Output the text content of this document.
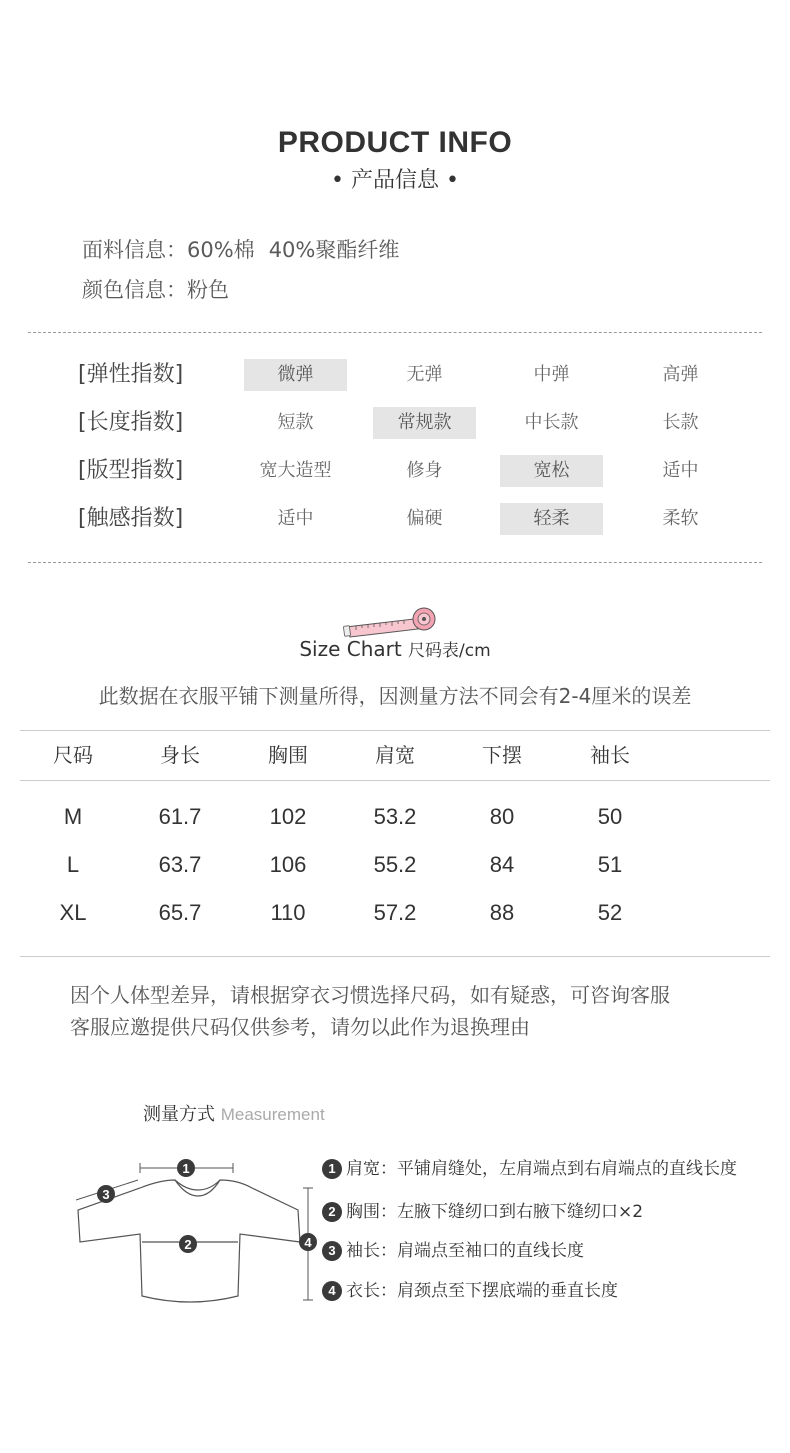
PRODUCT INFO
• 产品信息 •
面料信息：60%棉 40%聚酯纤维
颜色信息：粉色
[弹性指数]	微弹	无弹	中弹	高弹
[长度指数]	短款	常规款	中长款	长款
[版型指数]	宽大造型	修身	宽松	适中
[触感指数]	适中	偏硬	轻柔	柔软
Size Chart 尺码表/cm
此数据在衣服平铺下测量所得，因测量方法不同会有2-4厘米的误差
尺码	身长	胸围	肩宽	下摆	袖长
M	61.7	102	53.2	80	50
L	63.7	106	55.2	84	51
XL	65.7	110	57.2	88	52
因个人体型差异，请根据穿衣习惯选择尺码，如有疑惑，可咨询客服
客服应邀提供尺码仅供参考，请勿以此作为退换理由
测量方式 Measurement
1
2
3
4
1 肩宽：平铺肩缝处，左肩端点到右肩端点的直线长度
2 胸围：左腋下缝纫口到右腋下缝纫口×2
3 袖长：肩端点至袖口的直线长度
4 衣长：肩颈点至下摆底端的垂直长度
